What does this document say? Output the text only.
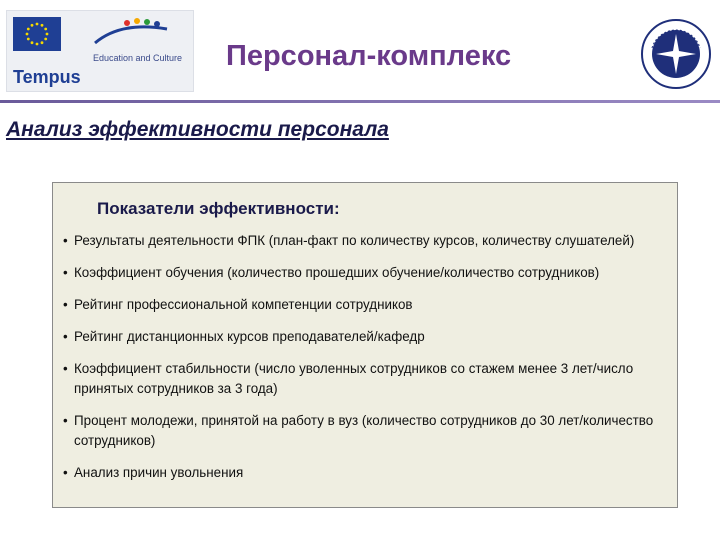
Education and Culture
Tempus
Персонал-комплекс
Анализ эффективности персонала
Показатели эффективности:
• Результаты деятельности ФПК (план-факт по количеству курсов, количеству слушателей)
• Коэффициент обучения (количество прошедших обучение/количество сотрудников)
• Рейтинг профессиональной компетенции сотрудников
• Рейтинг дистанционных курсов преподавателей/кафедр
• Коэффициент стабильности (число уволенных сотрудников со стажем менее 3 лет/число принятых сотрудников за 3 года)
• Процент молодежи, принятой на работу в вуз (количество сотрудников до 30 лет/количество сотрудников)
• Анализ причин увольнения
